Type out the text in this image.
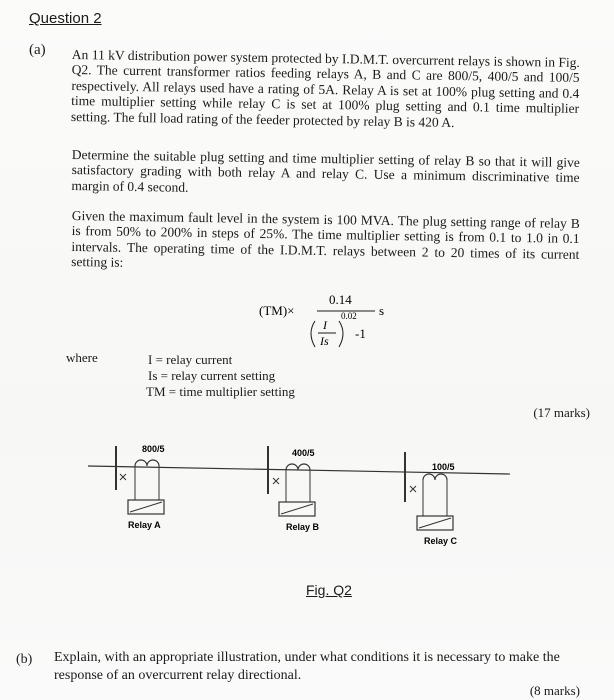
Question 2
(a) An 11 kV distribution power system protected by I.D.M.T. overcurrent relays is shown in Fig. Q2. The current transformer ratios feeding relays A, B and C are 800/5, 400/5 and 100/5 respectively. All relays used have a rating of 5A. Relay A is set at 100% plug setting and 0.4 time multiplier setting while relay C is set at 100% plug setting and 0.1 time multiplier setting. The full load rating of the feeder protected by relay B is 420 A.
Determine the suitable plug setting and time multiplier setting of relay B so that it will give satisfactory grading with both relay A and relay C. Use a minimum discriminative time margin of 0.4 second.
Given the maximum fault level in the system is 100 MVA. The plug setting range of relay B is from 50% to 200% in steps of 25%. The time multiplier setting is from 0.1 to 1.0 in 0.1 intervals. The operating time of the I.D.M.T. relays between 2 to 20 times of its current setting is:
(TM)×
0.14
s
I
Is
0.02
-1
where	I = relay current
Is = relay current setting
TM = time multiplier setting
(17 marks)
800/5
Relay A
400/5
Relay B
100/5
Relay C
Fig. Q2
(b) Explain, with an appropriate illustration, under what conditions it is necessary to make the response of an overcurrent relay directional.
(8 marks)
